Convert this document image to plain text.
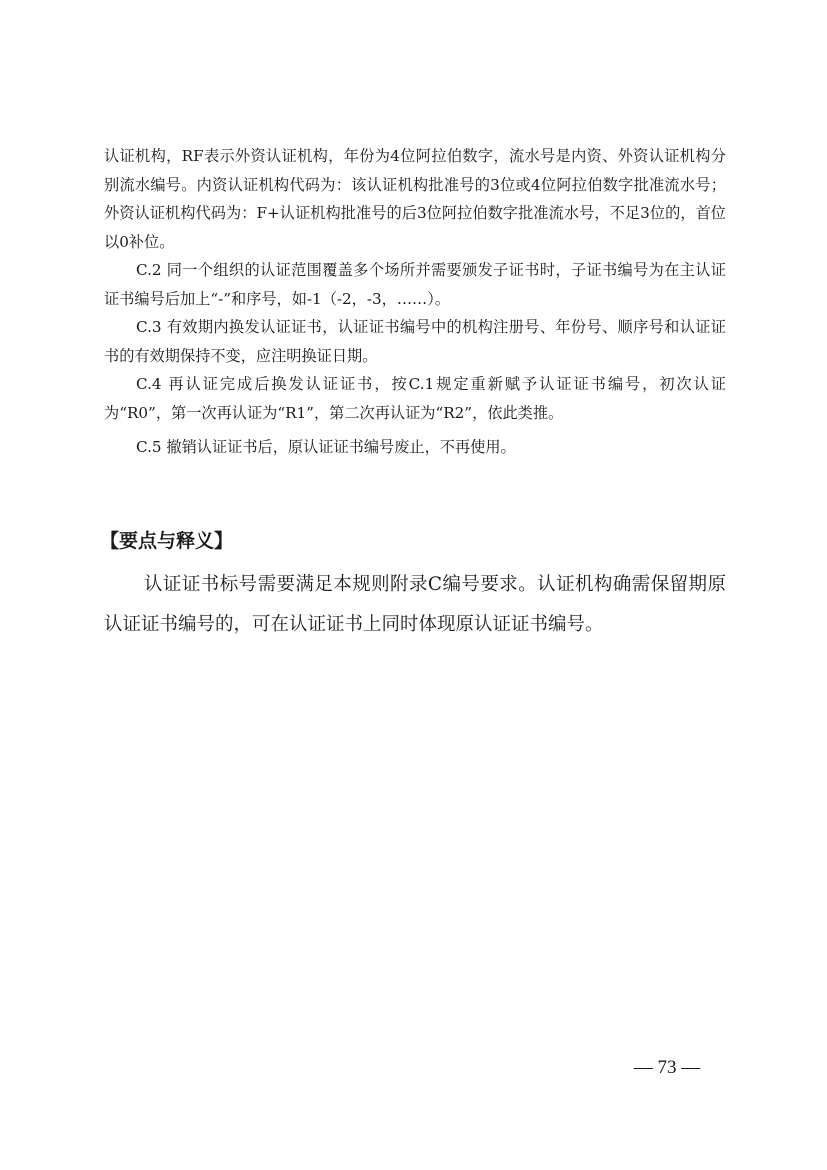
认证机构，RF表示外资认证机构，年份为4位阿拉伯数字，流水号是内资、外资认证机构分别流水编号。内资认证机构代码为：该认证机构批准号的3位或4位阿拉伯数字批准流水号；外资认证机构代码为：F+认证机构批准号的后3位阿拉伯数字批准流水号，不足3位的，首位以0补位。

C.2 同一个组织的认证范围覆盖多个场所并需要颁发子证书时，子证书编号为在主认证证书编号后加上“-”和序号，如-1（-2，-3，……）。

C.3 有效期内换发认证证书，认证证书编号中的机构注册号、年份号、顺序号和认证证书的有效期保持不变，应注明换证日期。

C.4 再认证完成后换发认证证书，按C.1规定重新赋予认证证书编号，初次认证为“R0”，第一次再认证为“R1”，第二次再认证为“R2”，依此类推。

C.5 撤销认证证书后，原认证证书编号废止，不再使用。

【要点与释义】

认证证书标号需要满足本规则附录C编号要求。认证机构确需保留期原认证证书编号的，可在认证证书上同时体现原认证证书编号。

— 73 —
